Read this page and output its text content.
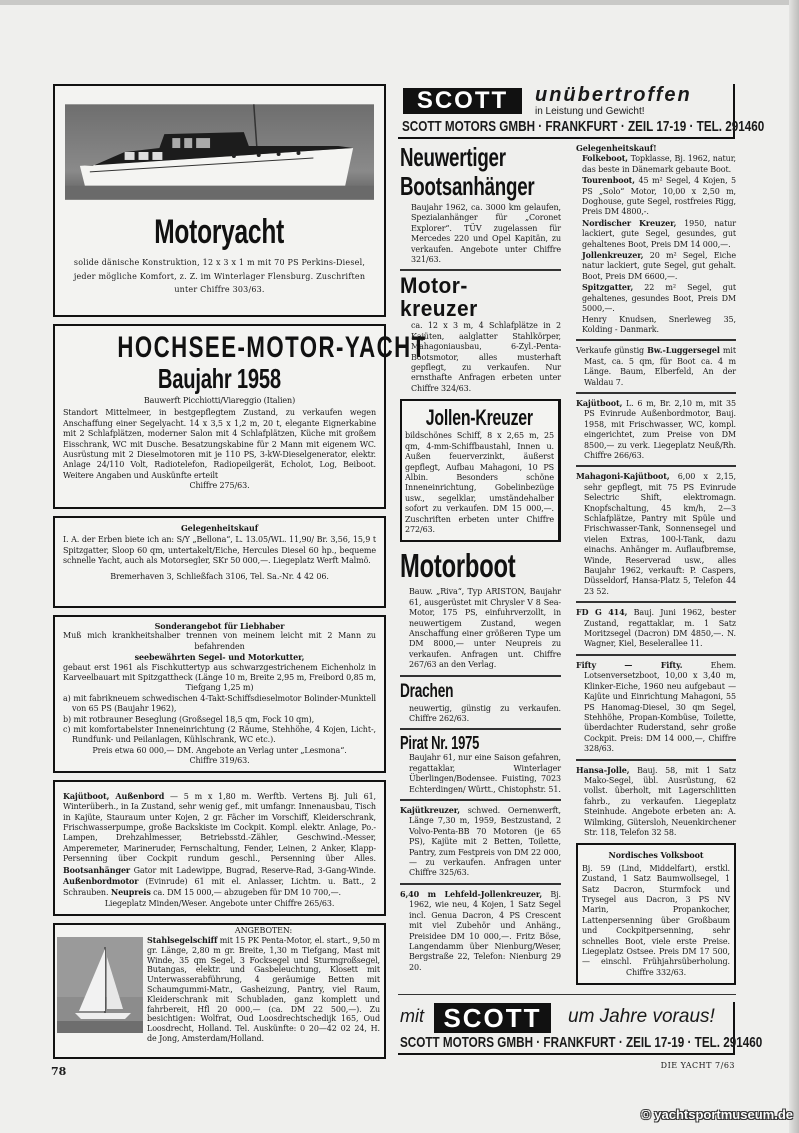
Motoryacht
solide dänische Konstruktion, 12 x 3 x 1 m mit 70 PS Perkins-Diesel, jeder mögliche Komfort, z. Z. im Winterlager Flensburg. Zuschriften unter Chiffre 303/63.
HOCHSEE-MOTOR-YACHT
Baujahr 1958
Bauwerft Picchiotti/Viareggio (Italien)
Standort Mittelmeer, in bestgepflegtem Zustand, zu verkaufen wegen Anschaffung einer Segelyacht. 14 x 3,5 x 1,2 m, 20 t, elegante Eignerkabine mit 2 Schlafplätzen, moderner Salon mit 4 Schlafplätzen, Küche mit großem Eisschrank, WC mit Dusche. Besatzungskabine für 2 Mann mit eigenem WC. Ausrüstung mit 2 Dieselmotoren mit je 110 PS, 3-kW-Dieselgenerator, elektr. Anlage 24/110 Volt, Radiotelefon, Radiopeilgerät, Echolot, Log, Beiboot. Weitere Angaben und Auskünfte erteilt
Chiffre 275/63.
Gelegenheitskauf
I. A. der Erben biete ich an: S/Y „Bellona“, L. 13.05/WL. 11,90/ Br. 3,56, 15,9 t Spitzgatter, Sloop 60 qm, untertakelt/Eiche, Hercules Diesel 60 hp., bequeme schnelle Yacht, auch als Motorsegler, SKr 50 000,—. Liegeplatz Werft Malmö.
Bremerhaven 3, Schließfach 3106, Tel. Sa.-Nr. 4 42 06.
Sonderangebot für Liebhaber
Muß mich krankheitshalber trennen von meinem leicht mit 2 Mann zu befahrenden
seebewährten Segel- und Motorkutter,
gebaut erst 1961 als Fischkuttertyp aus schwarzgestrichenem Eichenholz in Karveelbauart mit Spitzgattheck (Länge 10 m, Breite 2,95 m, Freibord 0,85 m, Tiefgang 1,25 m)
a) mit fabrikneuem schwedischen 4-Takt-Schiffsdieselmotor Bolinder-Munktell von 65 PS (Baujahr 1962),
b) mit rotbrauner Beseglung (Großsegel 18,5 qm, Fock 10 qm),
c) mit komfortabelster Inneneinrichtung (2 Räume, Stehhöhe, 4 Kojen, Licht-, Rundfunk- und Peilanlagen, Kühlschrank, WC etc.).
Preis etwa 60 000,— DM. Angebote an Verlag unter „Lesmona“.
Chiffre 319/63.
Kajütboot, Außenbord — 5 m x 1,80 m. Werftb. Vertens Bj. Juli 61, Winterüberh., in Ia Zustand, sehr wenig gef., mit umfangr. Innenausbau, Tisch in Kajüte, Stauraum unter Kojen, 2 gr. Fächer im Vorschiff, Kleiderschrank, Frischwasserpumpe, große Backskiste im Cockpit. Kompl. elektr. Anlage, Po.-Lampen, Drehzahlmesser, Betriebsstd.-Zähler, Geschwind.-Messer, Amperemeter, Marineruder, Fernschaltung, Fender, Leinen, 2 Anker, Klapp-Persenning über Cockpit rundum geschl., Persenning über Alles. Bootsanhänger Gator mit Ladewippe, Bugrad, Reserve-Rad, 3-Gang-Winde. Außenbordmotor (Evinrude) 61 mit el. Anlasser, Lichtm. u. Batt., 2 Schrauben. Neupreis ca. DM 15 000,— abzugeben für DM 10 700,—.
Liegeplatz Minden/Weser. Angebote unter Chiffre 265/63.
ANGEBOTEN:
Stahlsegelschiff mit 15 PK Penta-Motor, el. start., 9,50 m gr. Länge, 2,80 m gr. Breite, 1,30 m Tiefgang, Mast mit Winde, 35 qm Segel, 3 Focksegel und Sturmgroßsegel, Butangas, elektr. und Gasbeleuchtung, Klosett mit Unterwasserabführung, 4 geräumige Betten mit Schaumgummi-Matr., Gasheizung, Pantry, viel Raum, Kleiderschrank mit Schubladen, ganz komplett und fahrbereit, Hfl 20 000,— (ca. DM 22 500,—). Zu besichtigen: Wolfrat, Oud Loosdrechtschedijk 165, Oud Loosdrecht, Holland. Tel. Auskünfte: 0 20—42 02 24, H. de Jong, Amsterdam/Holland.
78
SCOTT	unübertroffen
in Leistung und Gewicht!
SCOTT MOTORS GMBH · FRANKFURT · ZEIL 17-19 · TEL. 291460
Neuwertiger
Bootsanhänger
Baujahr 1962, ca. 3000 km gelaufen, Spezialanhänger für „Coronet Explorer“. TÜV zugelassen für Mercedes 220 und Opel Kapitän, zu verkaufen. Angebote unter Chiffre 321/63.
Motor-
kreuzer
ca. 12 x 3 m, 4 Schlafplätze in 2 Kajüten, aalglatter Stahlkörper, Mahagoniausbau, 6-Zyl.-Penta-Bootsmotor, alles musterhaft gepflegt, zu verkaufen. Nur ernsthafte Anfragen erbeten unter Chiffre 324/63.
Jollen-Kreuzer
bildschönes Schiff, 8 x 2,65 m, 25 qm, 4-mm-Schiffbaustahl, Innen u. Außen feuerverzinkt, äußerst gepflegt, Aufbau Mahagoni, 10 PS Albin. Besonders schöne Inneneinrichtung, Gobelinbezüge usw., segelklar, umständehalber sofort zu verkaufen. DM 15 000,—. Zuschriften erbeten unter Chiffre 272/63.
Motorboot
Bauw. „Riva“, Typ ARISTON, Baujahr 61, ausgerüstet mit Chrysler V 8 Sea-Motor, 175 PS, einfuhrverzollt, in neuwertigem Zustand, wegen Anschaffung einer größeren Type um DM 8000,— unter Neupreis zu verkaufen. Anfragen unt. Chiffre 267/63 an den Verlag.
Drachen
neuwertig, günstig zu verkaufen. Chiffre 262/63.
Pirat Nr. 1975
Baujahr 61, nur eine Saison gefahren, regattaklar, Winterlager Überlingen/Bodensee. Fuisting, 7023 Echterdingen/ Württ., Chistophstr. 51.
Kajütkreuzer, schwed. Oernenwerft, Länge 7,30 m, 1959, Bestzustand, 2 Volvo-Penta-BB 70 Motoren (je 65 PS), Kajüte mit 2 Betten, Toilette, Pantry, zum Festpreis von DM 22 000,— zu verkaufen. Anfragen unter Chiffre 325/63.
6,40 m Lehfeld-Jollenkreuzer, Bj. 1962, wie neu, 4 Kojen, 1 Satz Segel incl. Genua Dacron, 4 PS Crescent mit viel Zubehör und Anhäng., Preisidee DM 10 000,—. Fritz Böse, Langendamm über Nienburg/Weser, Bergstraße 22, Telefon: Nienburg 29 20.
Gelegenheitskauf!
Folkeboot, Topklasse, Bj. 1962, natur, das beste in Dänemark gebaute Boot.
Tourenboot, 45 m² Segel, 4 Kojen, 5 PS „Solo“ Motor, 10,00 x 2,50 m, Doghouse, gute Segel, rostfreies Rigg, Preis DM 4800,-.
Nordischer Kreuzer, 1950, natur lackiert, gute Segel, gesundes, gut gehaltenes Boot, Preis DM 14 000,—.
Jollenkreuzer, 20 m² Segel, Eiche natur lackiert, gute Segel, gut gehalt. Boot, Preis DM 6600,—.
Spitzgatter, 22 m² Segel, gut gehaltenes, gesundes Boot, Preis DM 5000,—.
Henry Knudsen, Snerleweg 35, Kolding - Danmark.
Verkaufe günstig Bw.-Luggersegel mit Mast, ca. 5 qm, für Boot ca. 4 m Länge. Baum, Elberfeld, An der Waldau 7.
Kajütboot, L. 6 m, Br. 2,10 m, mit 35 PS Evinrude Außenbordmotor, Bauj. 1958, mit Frischwasser, WC, kompl. eingerichtet, zum Preise von DM 8500,— zu verk. Liegeplatz Neuß/Rh. Chiffre 266/63.
Mahagoni-Kajütboot, 6,00 x 2,15, sehr gepflegt, mit 75 PS Evinrude Selectric Shift, elektromagn. Knopfschaltung, 45 km/h, 2—3 Schlafplätze, Pantry mit Spüle und Frischwasser-Tank, Sonnensegel und vielen Extras, 100-l-Tank, dazu einachs. Anhänger m. Auflaufbremse, Winde, Reserverad usw., alles Baujahr 1962, verkauft: P. Caspers, Düsseldorf, Hansa-Platz 5, Telefon 44 23 52.
FD G 414, Bauj. Juni 1962, bester Zustand, regattaklar, m. 1 Satz Moritzsegel (Dacron) DM 4850,—. N. Wagner, Kiel, Beselerallee 11.
Fifty — Fifty. Ehem. Lotsenversetzboot, 10,00 x 3,40 m, Klinker-Eiche, 1960 neu aufgebaut — Kajüte und Einrichtung Mahagoni, 55 PS Hanomag-Diesel, 30 qm Segel, Stehhöhe, Propan-Kombüse, Toilette, überdachter Ruderstand, sehr große Cockpit. Preis: DM 14 000,—, Chiffre 328/63.
Hansa-Jolle, Bauj. 58, mit 1 Satz Mako-Segel, übl. Ausrüstung, 62 vollst. überholt, mit Lagerschlitten fahrb., zu verkaufen. Liegeplatz Steinhude. Angebote erbeten an: A. Wilmking, Gütersloh, Neuenkirchener Str. 118, Telefon 32 58.
Nordisches Volksboot
Bj. 59 (Lind, Middelfart), erstkl. Zustand, 1 Satz Baumwollsegel, 1 Satz Dacron, Sturmfock und Trysegel aus Dacron, 3 PS NV Marin, Propankocher, Lattenpersenning über Großbaum und Cockpitpersenning, sehr schnelles Boot, viele erste Preise. Liegeplatz Ostsee. Preis DM 17 500,— einschl. Frühjahrsüberholung. Chiffre 332/63.
mit SCOTT	um Jahre voraus!
SCOTT MOTORS GMBH · FRANKFURT · ZEIL 17-19 · TEL. 291460
DIE YACHT 7/63
© yachtsportmuseum.de
